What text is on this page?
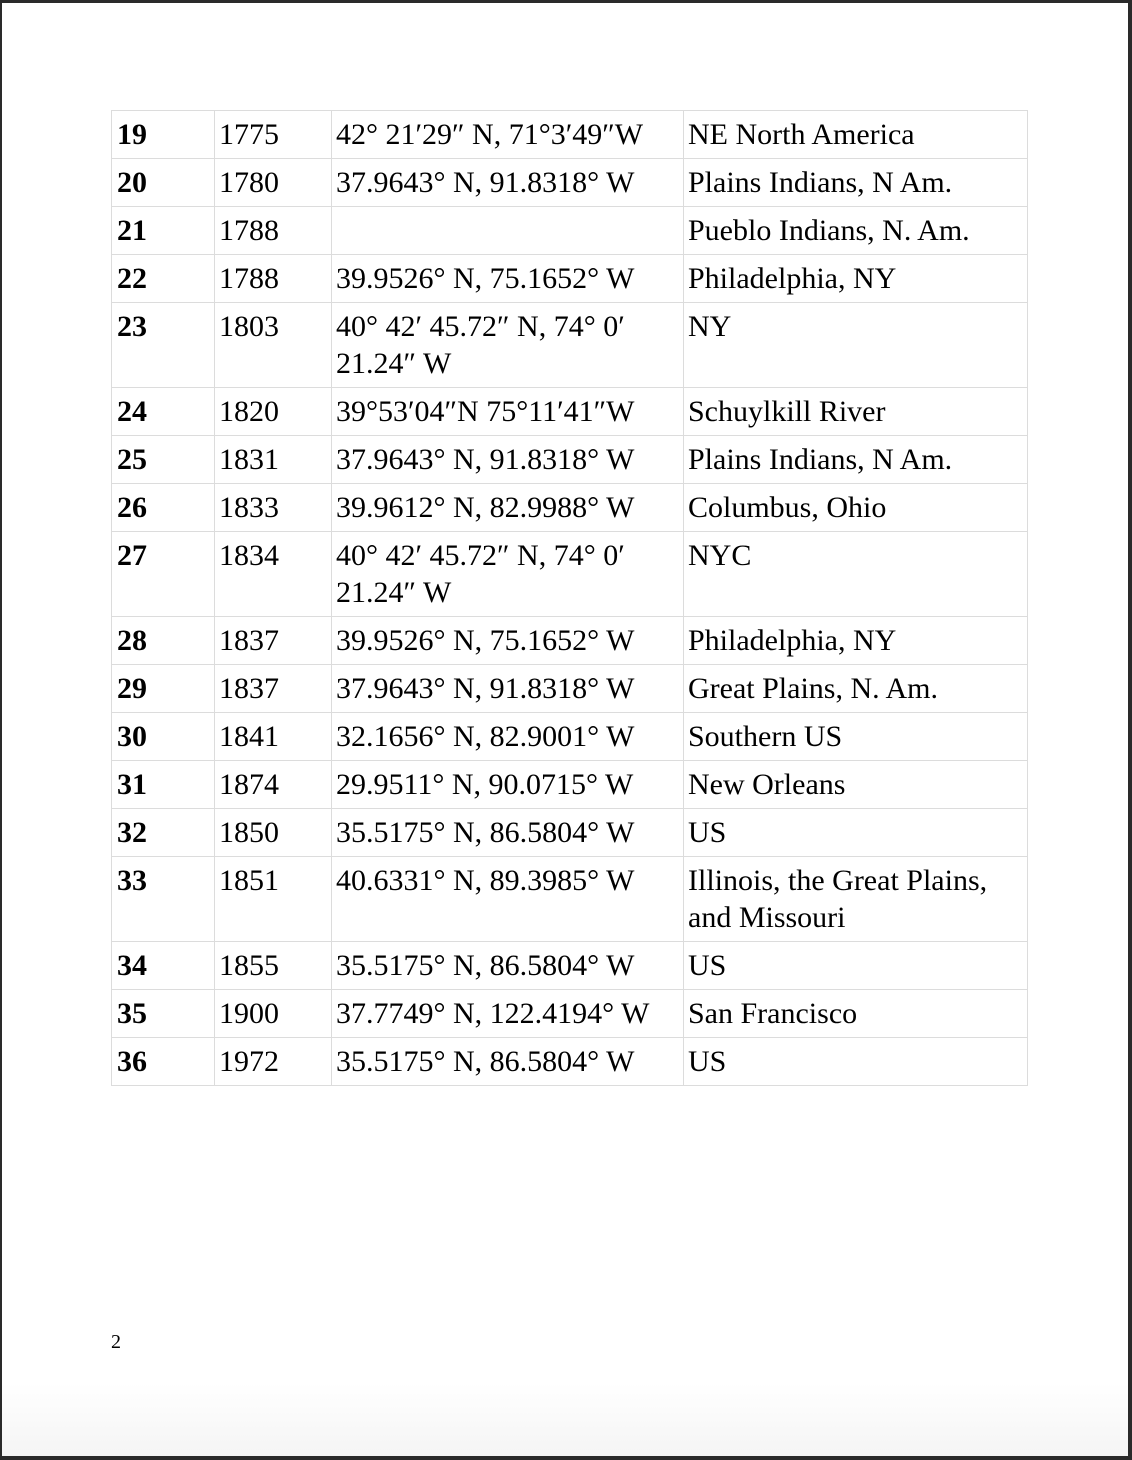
19	1775	42° 21′29″ N, 71°3′49″W	NE North America
20	1780	37.9643° N, 91.8318° W	Plains Indians, N Am.
21	1788		Pueblo Indians, N. Am.
22	1788	39.9526° N, 75.1652° W	Philadelphia, NY
23	1803	40° 42′ 45.72″ N, 74° 0′ 21.24″ W	NY
24	1820	39°53′04″N 75°11′41″W	Schuylkill River
25	1831	37.9643° N, 91.8318° W	Plains Indians, N Am.
26	1833	39.9612° N, 82.9988° W	Columbus, Ohio
27	1834	40° 42′ 45.72″ N, 74° 0′ 21.24″ W	NYC
28	1837	39.9526° N, 75.1652° W	Philadelphia, NY
29	1837	37.9643° N, 91.8318° W	Great Plains, N. Am.
30	1841	32.1656° N, 82.9001° W	Southern US
31	1874	29.9511° N, 90.0715° W	New Orleans
32	1850	35.5175° N, 86.5804° W	US
33	1851	40.6331° N, 89.3985° W	Illinois, the Great Plains, and Missouri
34	1855	35.5175° N, 86.5804° W	US
35	1900	37.7749° N, 122.4194° W	San Francisco
36	1972	35.5175° N, 86.5804° W	US
2
